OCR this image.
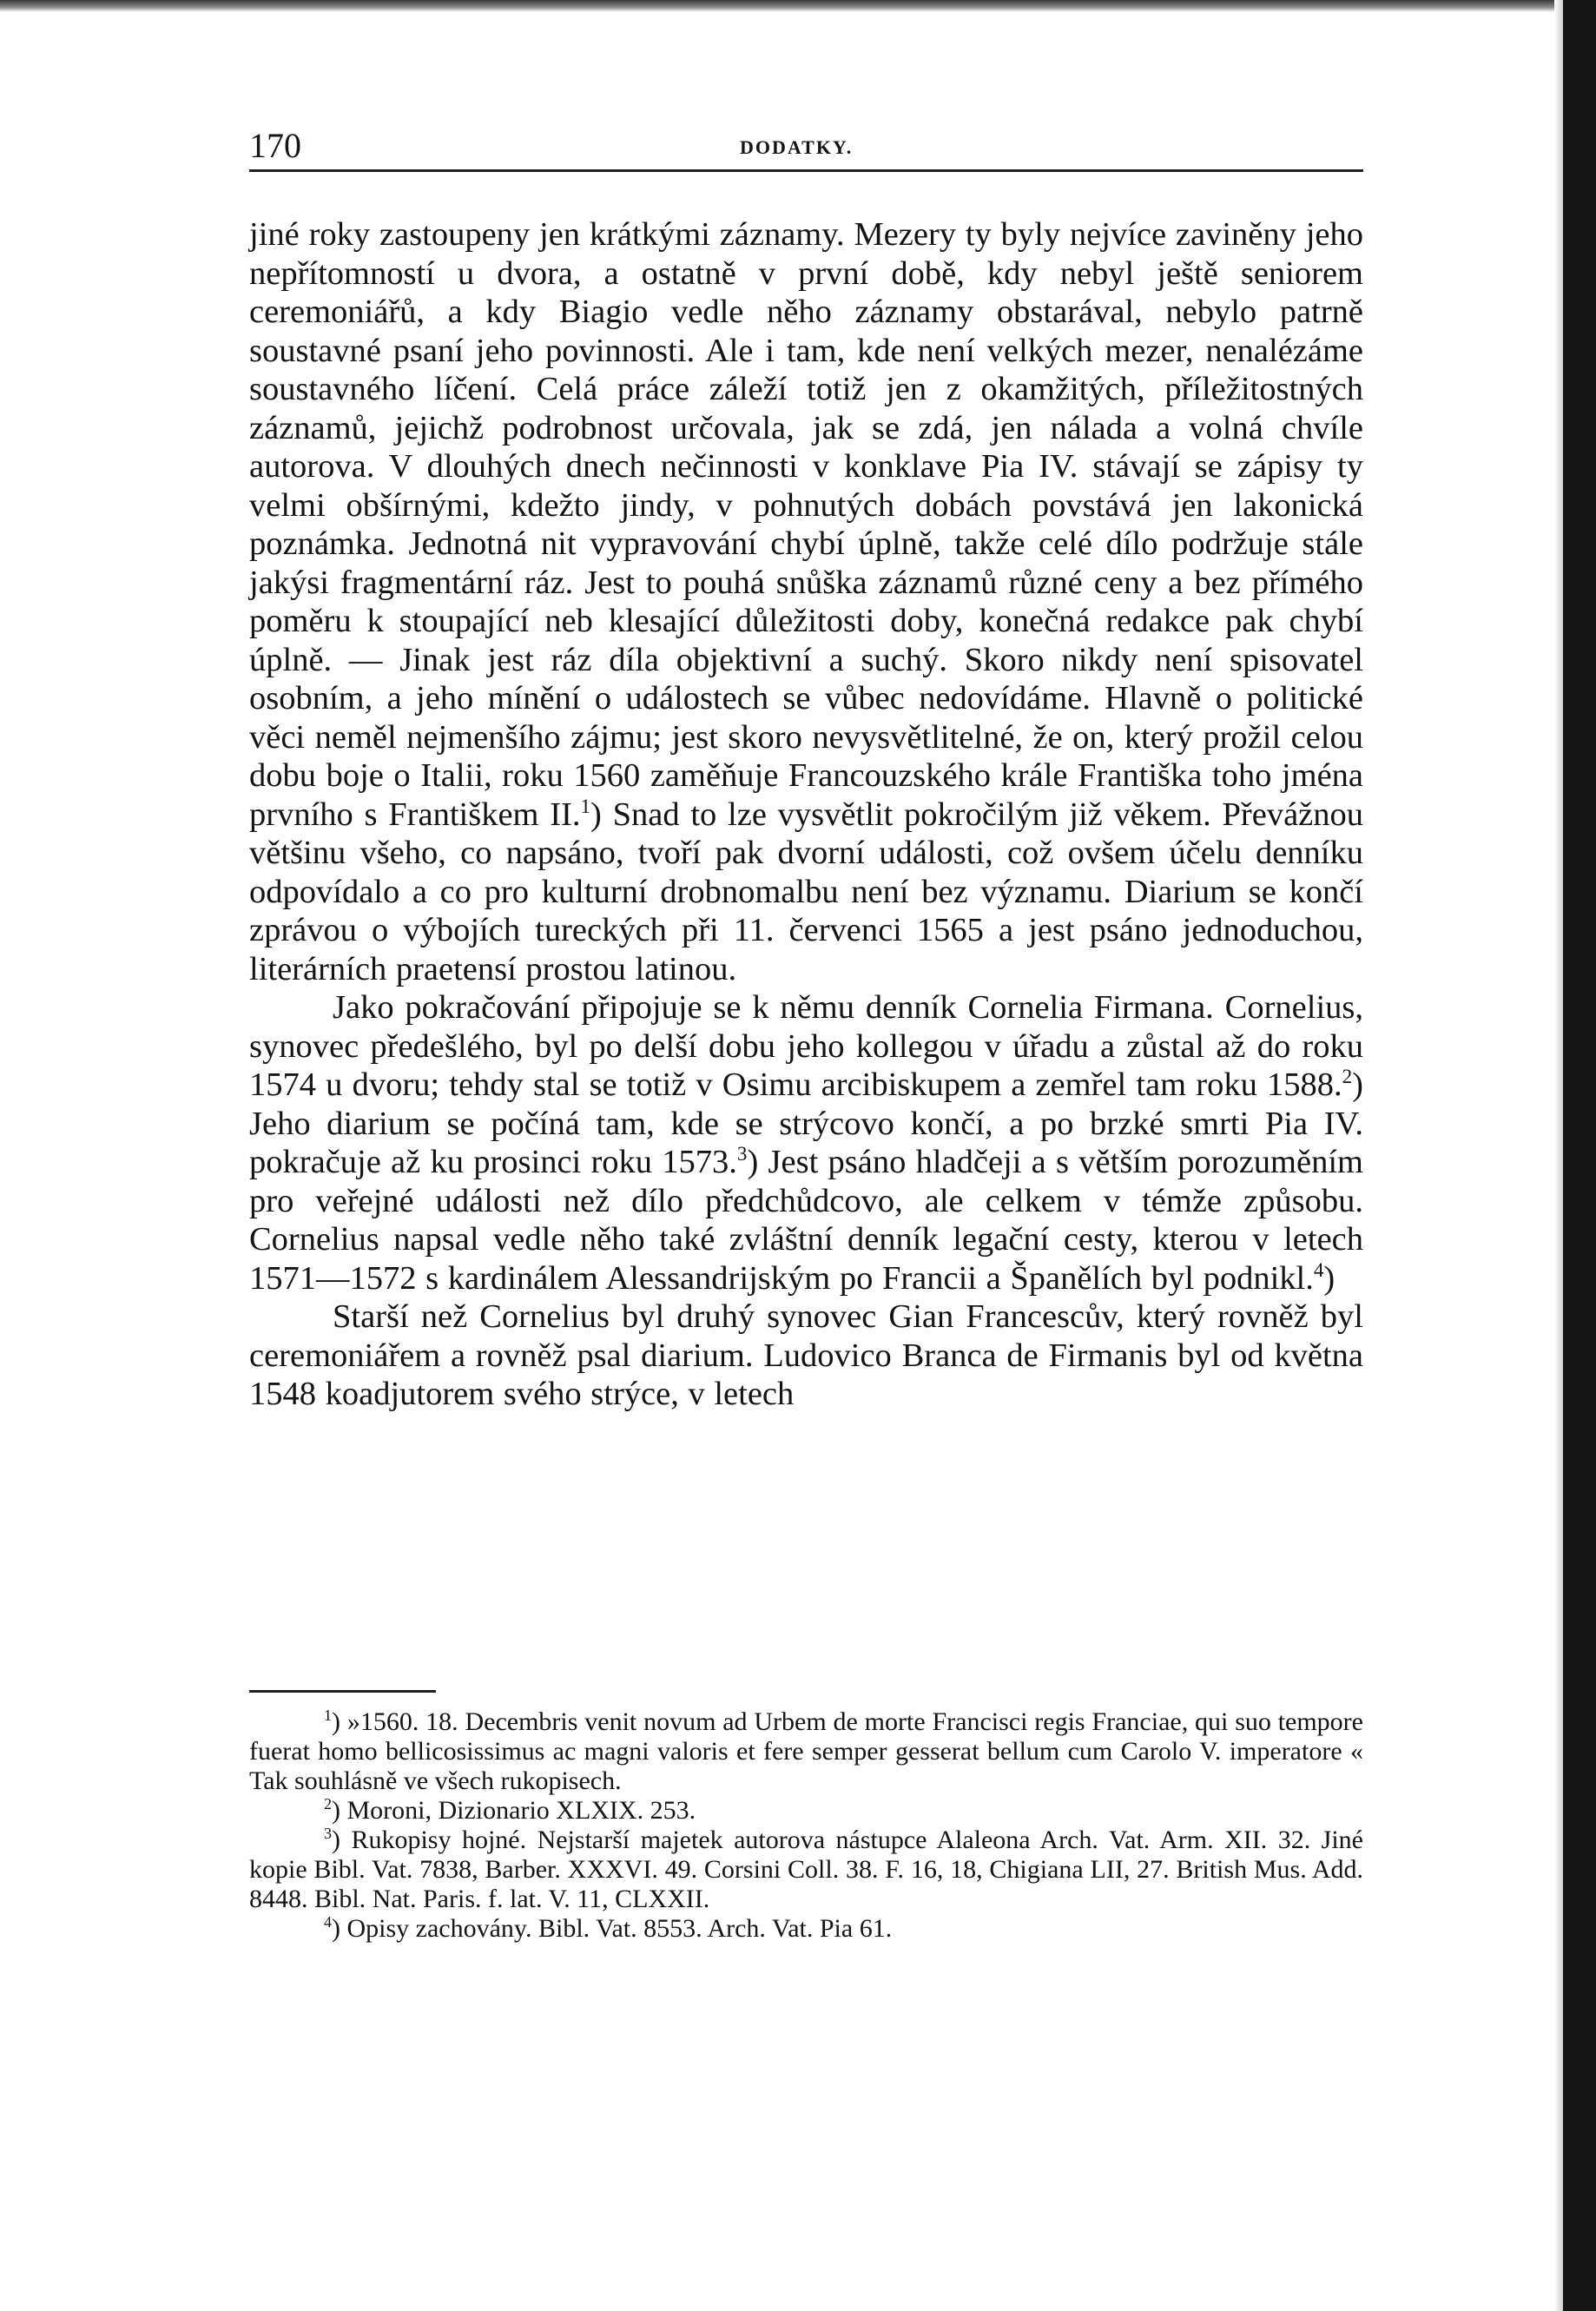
170	DODATKY.

jiné roky zastoupeny jen krátkými záznamy. Mezery ty byly nejvíce zaviněny jeho nepřítomností u dvora, a ostatně v první době, kdy nebyl ještě seniorem ceremoniářů, a kdy Biagio vedle něho záznamy obstarával, nebylo patrně soustavné psaní jeho povinnosti. Ale i tam, kde není velkých mezer, nenalézáme soustavného líčení. Celá práce záleží totiž jen z okamžitých, příležitostných záznamů, jejichž podrobnost určovala, jak se zdá, jen nálada a volná chvíle autorova. V dlouhých dnech nečinnosti v konklave Pia IV. stávají se zápisy ty velmi obšírnými, kdežto jindy, v pohnutých dobách povstává jen lakonická poznámka. Jednotná nit vypravování chybí úplně, takže celé dílo podržuje stále jakýsi fragmentární ráz. Jest to pouhá snůška záznamů různé ceny a bez přímého poměru k stoupající neb klesající důležitosti doby, konečná redakce pak chybí úplně. — Jinak jest ráz díla objektivní a suchý. Skoro nikdy není spisovatel osobním, a jeho mínění o událostech se vůbec nedovídáme. Hlavně o politické věci neměl nejmenšího zájmu; jest skoro nevysvětlitelné, že on, který prožil celou dobu boje o Italii, roku 1560 zaměňuje Francouzského krále Františka toho jména prvního s Františkem II.$^1$) Snad to lze vysvětlit pokročilým již věkem. Převážnou většinu všeho, co napsáno, tvoří pak dvorní události, což ovšem účelu denníku odpovídalo a co pro kulturní drobnomalbu není bez významu. Diarium se končí zprávou o výbojích tureckých při 11. červenci 1565 a jest psáno jednoduchou, literárních praetensí prostou latinou.

Jako pokračování připojuje se k němu denník Cornelia Firmana. Cornelius, synovec předešlého, byl po delší dobu jeho kollegou v úřadu a zůstal až do roku 1574 u dvoru; tehdy stal se totiž v Osimu arcibiskupem a zemřel tam roku 1588.$^2$) Jeho diarium se počíná tam, kde se strýcovo končí, a po brzké smrti Pia IV. pokračuje až ku prosinci roku 1573.$^3$) Jest psáno hladčeji a s větším porozuměním pro veřejné události než dílo předchůdcovo, ale celkem v témže způsobu. Cornelius napsal vedle něho také zvláštní denník legační cesty, kterou v letech 1571—1572 s kardinálem Alessandrijským po Francii a Španělích byl podnikl.$^4$)

Starší než Cornelius byl druhý synovec Gian Francescův, který rovněž byl ceremoniářem a rovněž psal diarium. Ludovico Branca de Firmanis byl od května 1548 koadjutorem svého strýce, v letech

$^1$) »1560. 18. Decembris venit novum ad Urbem de morte Francisci regis Franciae, qui suo tempore fuerat homo bellicosissimus ac magni valoris et fere semper gesserat bellum cum Carolo V. imperatore « Tak souhlásně ve všech rukopisech.

$^2$) Moroni, Dizionario XLXIX. 253.

$^3$) Rukopisy hojné. Nejstarší majetek autorova nástupce Alaleona Arch. Vat. Arm. XII. 32. Jiné kopie Bibl. Vat. 7838, Barber. XXXVI. 49. Corsini Coll. 38. F. 16, 18, Chigiana LII, 27. British Mus. Add. 8448. Bibl. Nat. Paris. f. lat. V. 11, CLXXII.

$^4$) Opisy zachovány. Bibl. Vat. 8553. Arch. Vat. Pia 61.
